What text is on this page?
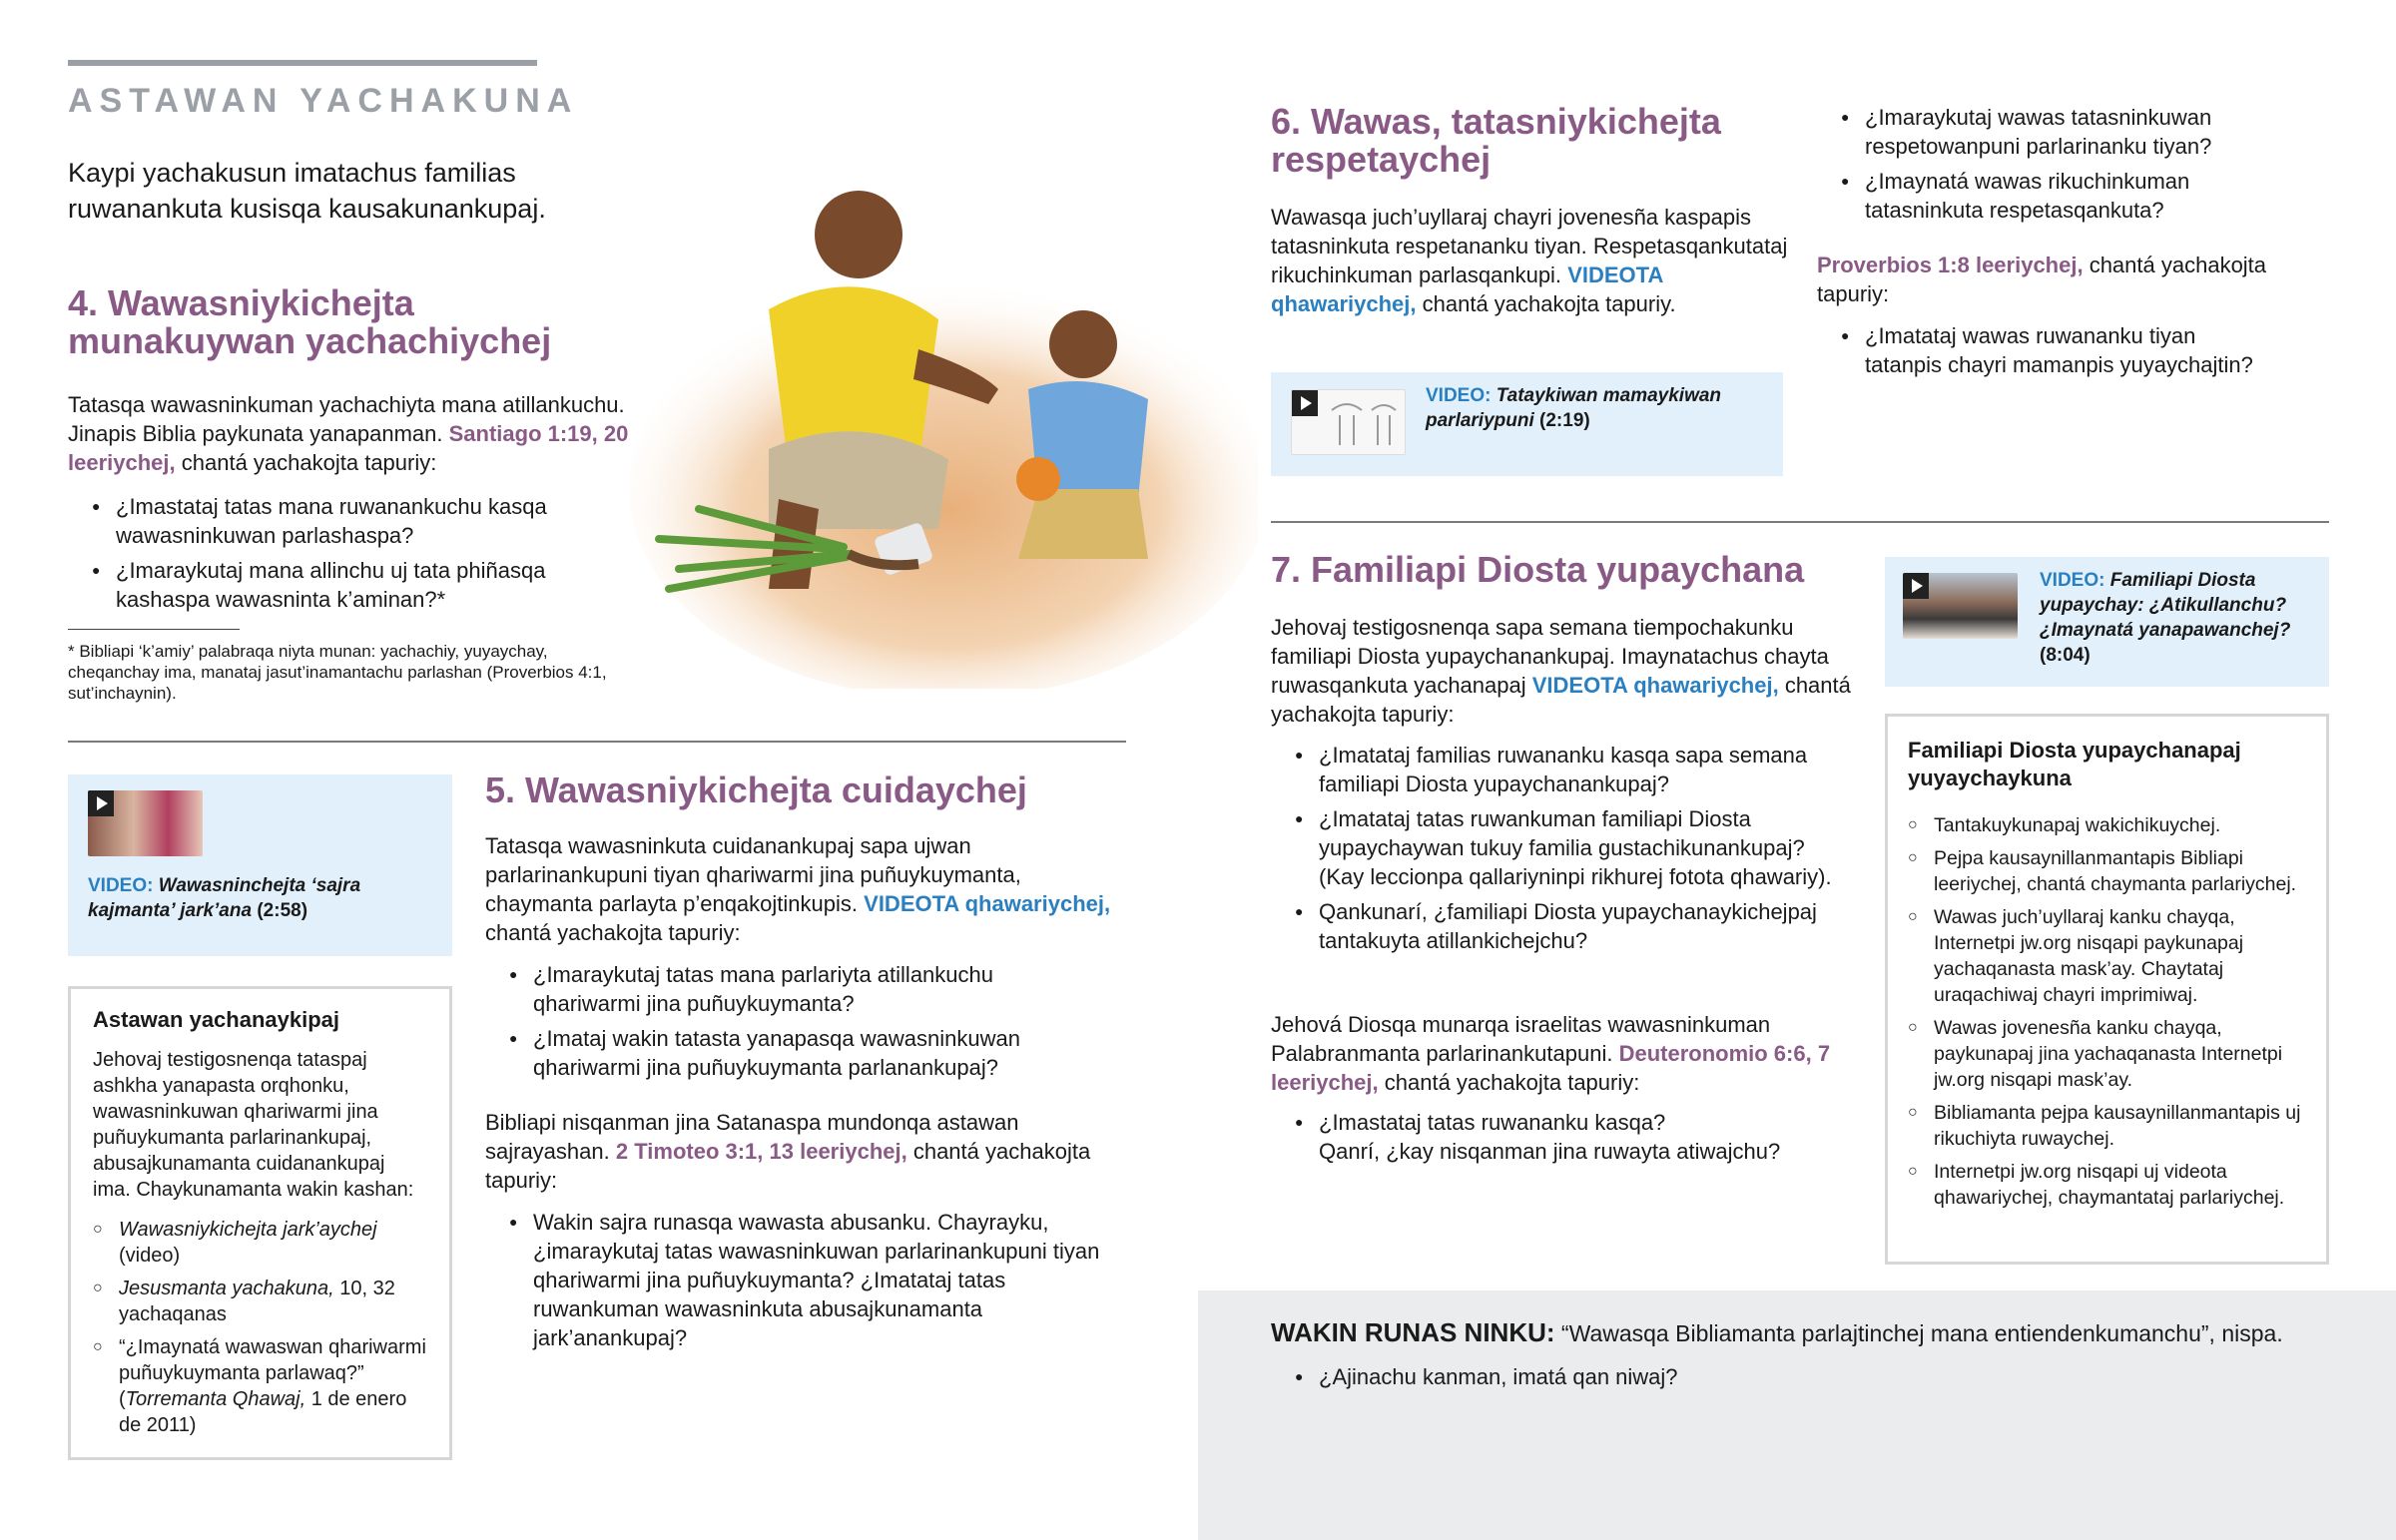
ASTAWAN YACHAKUNA

Kaypi yachakusun imatachus familias ruwanankuta kusisqa kausakunankupaj.

4. Wawasniykichejta munakuywan yachachiychej

Tatasqa wawasninkuman yachachiyta mana atillankuchu. Jinapis Biblia paykunata yanapanman. Santiago 1:19, 20 leeriychej, chantá yachakojta tapuriy:

● ¿Imastataj tatas mana ruwanankuchu kasqa wawasninkuwan parlashaspa?
● ¿Imaraykutaj mana allinchu uj tata phiñasqa kashaspa wawasninta k’aminan?*

* Bibliapi ‘k’amiy’ palabraqa niyta munan: yachachiy, yuyaychay, cheqanchay ima, manataj jasut’inamantachu parlashan (Proverbios 4:1, sut’inchaynin).

VIDEO: Wawasninchejta ‘sajra kajmanta’ jark’ana (2:58)
Astawan yachanaykipaj

Jehovaj testigosnenqa tataspaj ashkha yanapasta orqhonku, wawasninkuwan qhariwarmi jina puñuykumanta parlarinankupaj, abusajkunamanta cuidanankupaj ima. Chaykunamanta wakin kashan:

○ Wawasniykichejta jark’aychej (video)
○ Jesusmanta yachakuna, 10, 32 yachaqanas
○ “¿Imaynatá wawaswan qhariwarmi puñuykuymanta parlawaq?” (Torremanta Qhawaj, 1 de enero de 2011)
5. Wawasniykichejta cuidaychej

Tatasqa wawasninkuta cuidanankupaj sapa ujwan parlarinankupuni tiyan qhariwarmi jina puñuykuymanta, chaymanta parlayta p’enqakojtinkupis. VIDEOTA qhawariychej, chantá yachakojta tapuriy:

● ¿Imaraykutaj tatas mana parlariyta atillankuchu qhariwarmi jina puñuykuymanta?
● ¿Imataj wakin tatasta yanapasqa wawasninkuwan qhariwarmi jina puñuykuymanta parlanankupaj?

Bibliapi nisqanman jina Satanaspa mundonqa astawan sajrayashan. 2 Timoteo 3:1, 13 leeriychej, chantá yachakojta tapuriy:

● Wakin sajra runasqa wawasta abusanku. Chayrayku, ¿imaraykutaj tatas wawasninkuwan parlarinankupuni tiyan qhariwarmi jina puñuykuymanta? ¿Imatataj tatas ruwankuman wawasninkuta abusajkunamanta jark’anankupaj?
6. Wawas, tatasniykichejta respetaychej

Wawasqa juch’uyllaraj chayri jovenesña kaspapis tatasninkuta respetananku tiyan. Respetasqankutataj rikuchinkuman parlasqankupi. VIDEOTA qhawariychej, chantá yachakojta tapuriy.

VIDEO: Tataykiwan mamaykiwan parlariypuni (2:19)
● ¿Imaraykutaj wawas tatasninkuwan respetowanpuni parlarinanku tiyan?
● ¿Imaynatá wawas rikuchinkuman tatasninkuta respetasqankuta?

Proverbios 1:8 leeriychej, chantá yachakojta tapuriy:

● ¿Imatataj wawas ruwananku tiyan tatanpis chayri mamanpis yuyaychajtin?
7. Familiapi Diosta yupaychana

Jehovaj testigosnenqa sapa semana tiempochakunku familiapi Diosta yupaychanankupaj. Imaynatachus chayta ruwasqankuta yachanapaj VIDEOTA qhawariychej, chantá yachakojta tapuriy:

● ¿Imatataj familias ruwananku kasqa sapa semana familiapi Diosta yupaychanankupaj?
● ¿Imatataj tatas ruwankuman familiapi Diosta yupaychaywan tukuy familia gustachikunankupaj? (Kay leccionpa qallariyninpi rikhurej fotota qhawariy).
● Qankunarí, ¿familiapi Diosta yupaychanaykichejpaj tantakuyta atillankichejchu?

Jehová Diosqa munarqa israelitas wawasninkuman Palabranmanta parlarinankutapuni. Deuteronomio 6:6, 7 leeriychej, chantá yachakojta tapuriy:

● ¿Imastataj tatas ruwananku kasqa?
Qanrí, ¿kay nisqanman jina ruwayta atiwajchu?
VIDEO: Familiapi Diosta yupaychay: ¿Atikullanchu? ¿Imaynatá yanapawanchej? (8:04)
Familiapi Diosta yupaychanapaj yuyaychaykuna
○ Tantakuykunapaj wakichikuychej.
○ Pejpa kausaynillanmantapis Bibliapi leeriychej, chantá chaymanta parlariychej.
○ Wawas juch’uyllaraj kanku chayqa, Internetpi jw.org nisqapi paykunapaj yachaqanasta mask’ay. Chaytataj uraqachiwaj chayri imprimiwaj.
○ Wawas jovenesña kanku chayqa, paykunapaj jina yachaqanasta Internetpi jw.org nisqapi mask’ay.
○ Bibliamanta pejpa kausaynillanmantapis uj rikuchiyta ruwaychej.
○ Internetpi jw.org nisqapi uj videota qhawariychej, chaymantataj parlariychej.

WAKIN RUNAS NINKU: “Wawasqa Bibliamanta parlajtinchej mana entiendenkumanchu”, nispa.

● ¿Ajinachu kanman, imatá qan niwaj?
